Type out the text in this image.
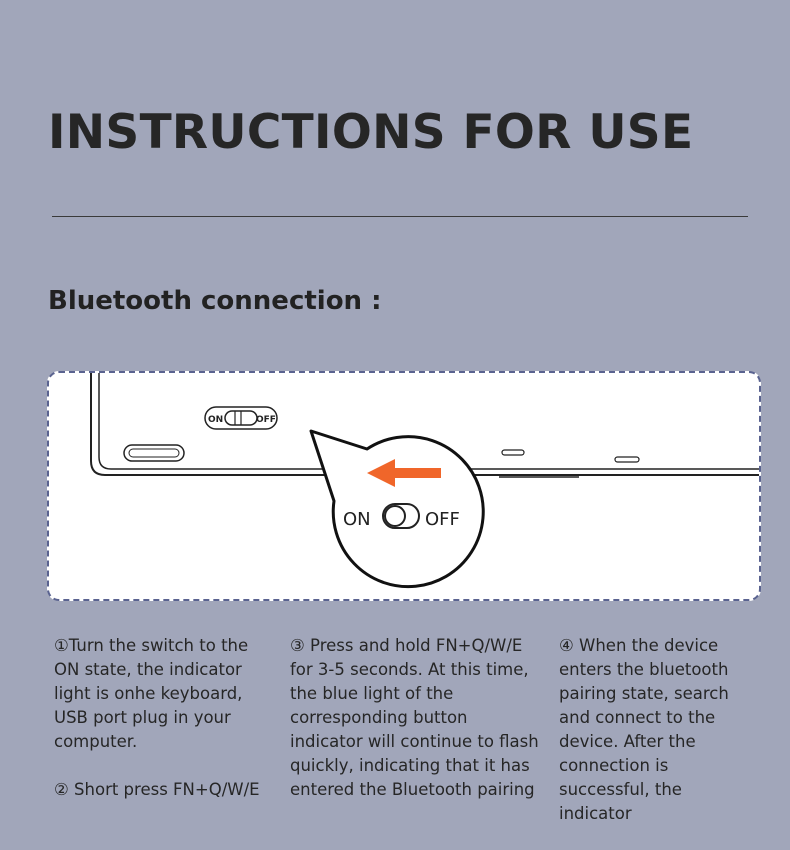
INSTRUCTIONS FOR USE
Bluetooth connection :
ON	OFF
ON	OFF

①Turn the switch to the ON state, the indicator light is onhe keyboard, USB port plug in your computer.

② Short press FN+Q/W/E

③ Press and hold FN+Q/W/E for 3-5 seconds. At this time, the blue light of the corresponding button indicator will continue to flash quickly, indicating that it has entered the Bluetooth pairing

④ When the device enters the bluetooth pairing state, search and connect to the device. After the connection is successful, the indicator
